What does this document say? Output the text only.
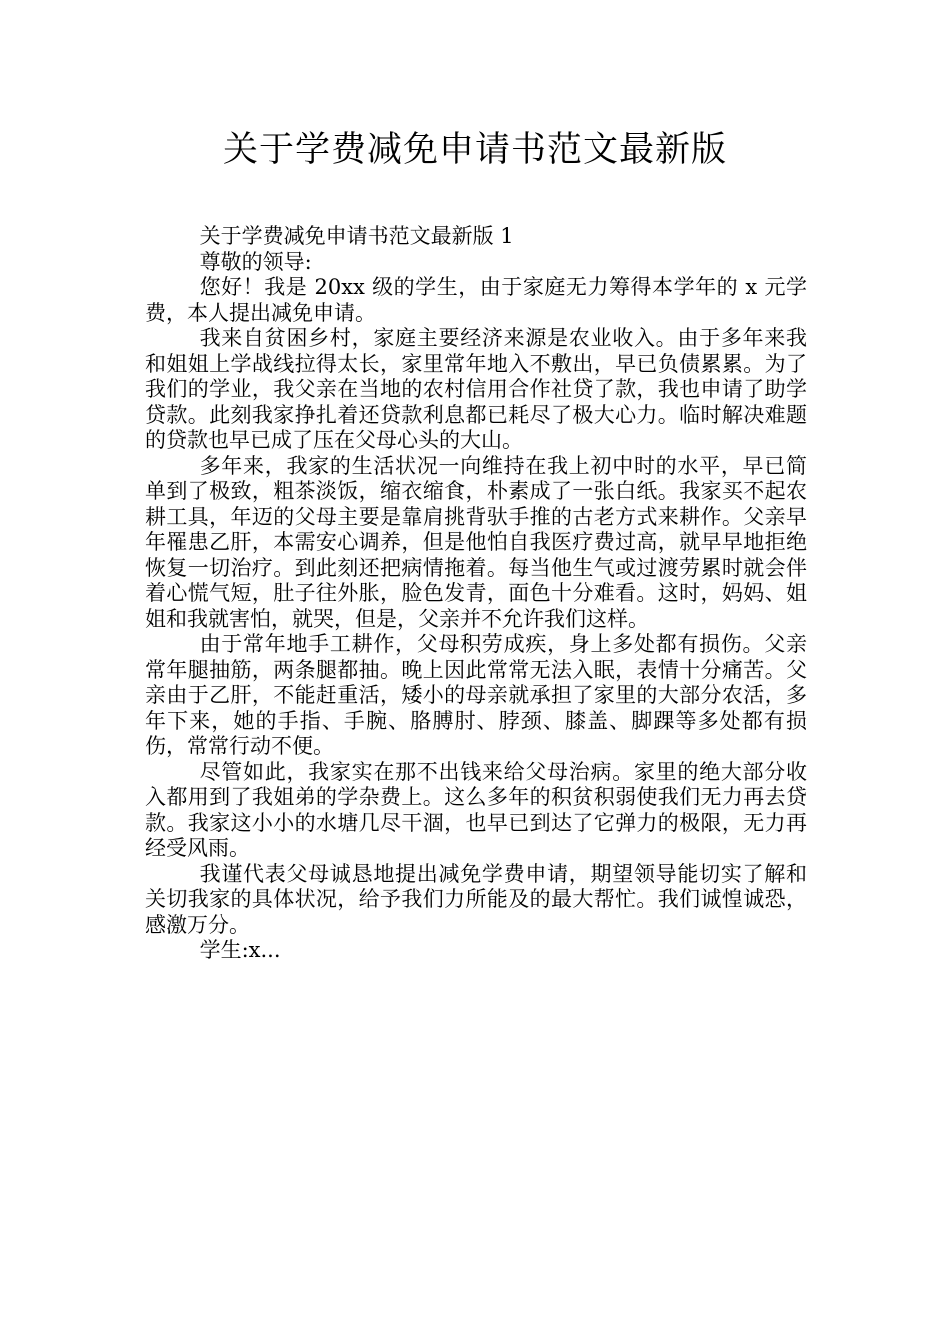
关于学费减免申请书范文最新版

关于学费减免申请书范文最新版 1

尊敬的领导:

您好！我是 20xx 级的学生，由于家庭无力筹得本学年的 x 元学费，本人提出减免申请。

我来自贫困乡村，家庭主要经济来源是农业收入。由于多年来我和姐姐上学战线拉得太长，家里常年地入不敷出，早已负债累累。为了我们的学业，我父亲在当地的农村信用合作社贷了款，我也申请了助学贷款。此刻我家挣扎着还贷款利息都已耗尽了极大心力。临时解决难题的贷款也早已成了压在父母心头的大山。

多年来，我家的生活状况一向维持在我上初中时的水平，早已简单到了极致，粗茶淡饭，缩衣缩食，朴素成了一张白纸。我家买不起农耕工具，年迈的父母主要是靠肩挑背驮手推的古老方式来耕作。父亲早年罹患乙肝，本需安心调养，但是他怕自我医疗费过高，就早早地拒绝恢复一切治疗。到此刻还把病情拖着。每当他生气或过渡劳累时就会伴着心慌气短，肚子往外胀，脸色发青，面色十分难看。这时，妈妈、姐姐和我就害怕，就哭，但是，父亲并不允许我们这样。

由于常年地手工耕作，父母积劳成疾，身上多处都有损伤。父亲常年腿抽筋，两条腿都抽。晚上因此常常无法入眠，表情十分痛苦。父亲由于乙肝，不能赶重活，矮小的母亲就承担了家里的大部分农活，多年下来，她的手指、手腕、胳膊肘、脖颈、膝盖、脚踝等多处都有损伤，常常行动不便。

尽管如此，我家实在那不出钱来给父母治病。家里的绝大部分收入都用到了我姐弟的学杂费上。这么多年的积贫积弱使我们无力再去贷款。我家这小小的水塘几尽干涸，也早已到达了它弹力的极限，无力再经受风雨。

我谨代表父母诚恳地提出减免学费申请，期望领导能切实了解和关切我家的具体状况，给予我们力所能及的最大帮忙。我们诚惶诚恐，感激万分。

学生:x...
